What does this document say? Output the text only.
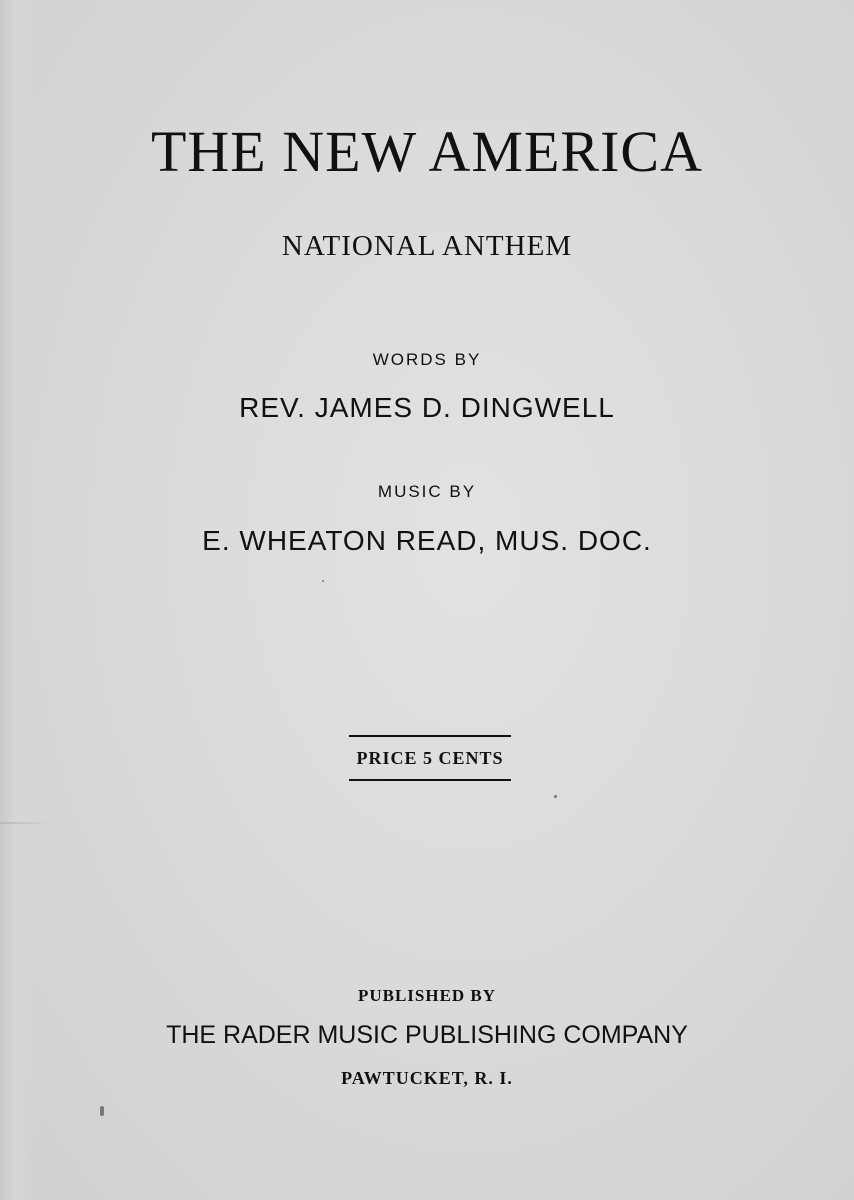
THE NEW AMERICA
NATIONAL ANTHEM
WORDS BY
REV. JAMES D. DINGWELL
MUSIC BY
E. WHEATON READ, MUS. DOC.
PRICE 5 CENTS
PUBLISHED BY
THE RADER MUSIC PUBLISHING COMPANY
PAWTUCKET, R. I.
